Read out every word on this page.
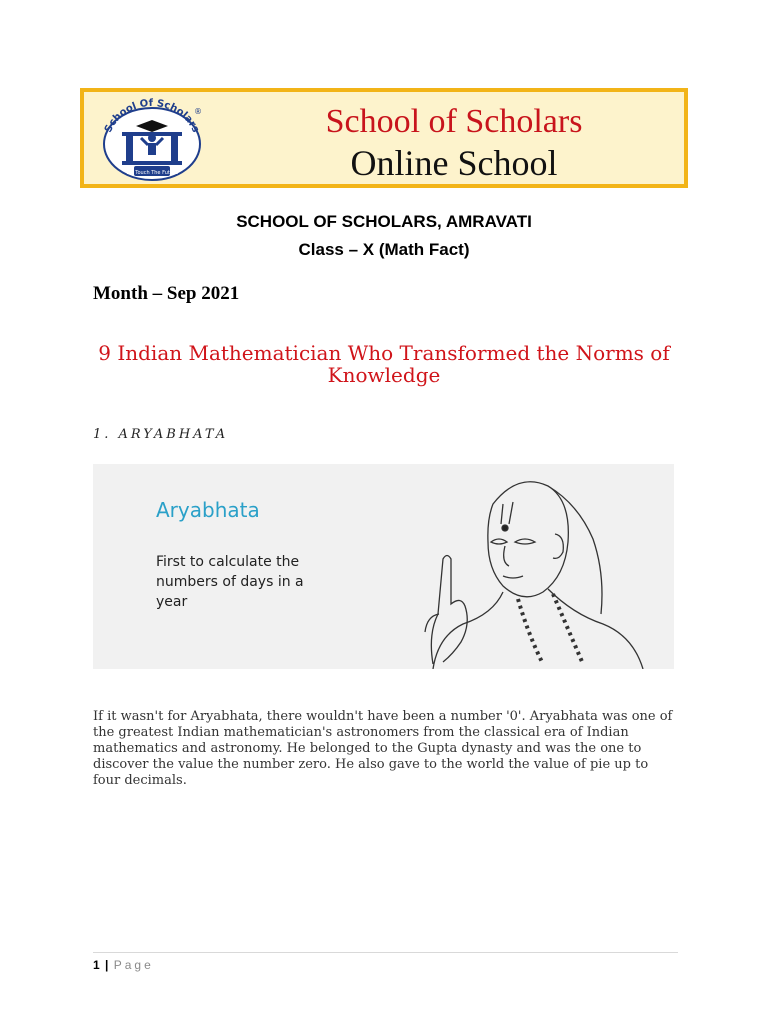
School Of Scholars
We Touch The Future
®	School of Scholars
Online School
SCHOOL OF SCHOLARS, AMRAVATI
Class – X (Math Fact)
Month – Sep 2021
9 Indian Mathematician Who Transformed the Norms of Knowledge
1. ARYABHATA
Aryabhata
First to calculate the numbers of days in a year
If it wasn't for Aryabhata, there wouldn't have been a number '0'. Aryabhata was one of the greatest Indian mathematician's astronomers from the classical era of Indian mathematics and astronomy. He belonged to the Gupta dynasty and was the one to discover the value the number zero. He also gave to the world the value of pie up to four decimals.
1 | Page
